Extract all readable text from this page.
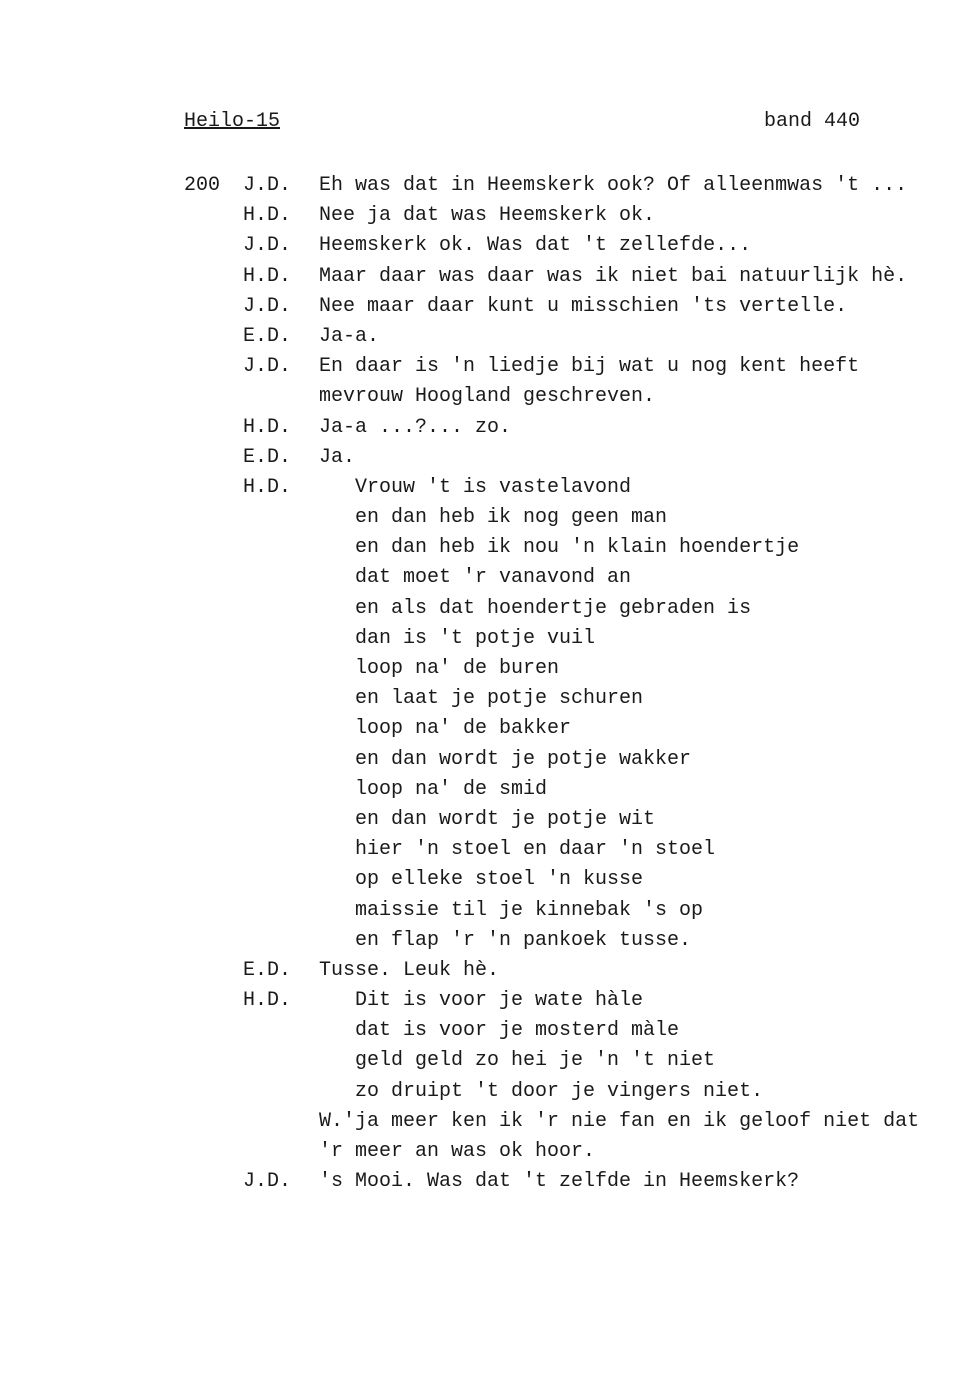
Heilo-15	band 440
200 J.D. Eh was dat in Heemskerk ook? Of alleenmwas 't ...
H.D. Nee ja dat was Heemskerk ok.
J.D. Heemskerk ok. Was dat 't zellefde...
H.D. Maar daar was daar was ik niet bai natuurlijk hè.
J.D. Nee maar daar kunt u misschien 'ts vertelle.
E.D. Ja-a.
J.D. En daar is 'n liedje bij wat u nog kent heeft
mevrouw Hoogland geschreven.
H.D. Ja-a ...?... zo.
E.D. Ja.
H.D.	Vrouw 't is vastelavond
en dan heb ik nog geen man
en dan heb ik nou 'n klain hoendertje
dat moet 'r vanavond an
en als dat hoendertje gebraden is
dan is 't potje vuil
loop na' de buren
en laat je potje schuren
loop na' de bakker
en dan wordt je potje wakker
loop na' de smid
en dan wordt je potje wit
hier 'n stoel en daar 'n stoel
op elleke stoel 'n kusse
maissie til je kinnebak 's op
en flap 'r 'n pankoek tusse.
E.D. Tusse. Leuk hè.
H.D.	Dit is voor je wate hàle
dat is voor je mosterd màle
geld geld zo hei je 'n 't niet
zo druipt 't door je vingers niet.
W.'ja meer ken ik 'r nie fan en ik geloof niet dat
'r meer an was ok hoor.
J.D. 's Mooi. Was dat 't zelfde in Heemskerk?
